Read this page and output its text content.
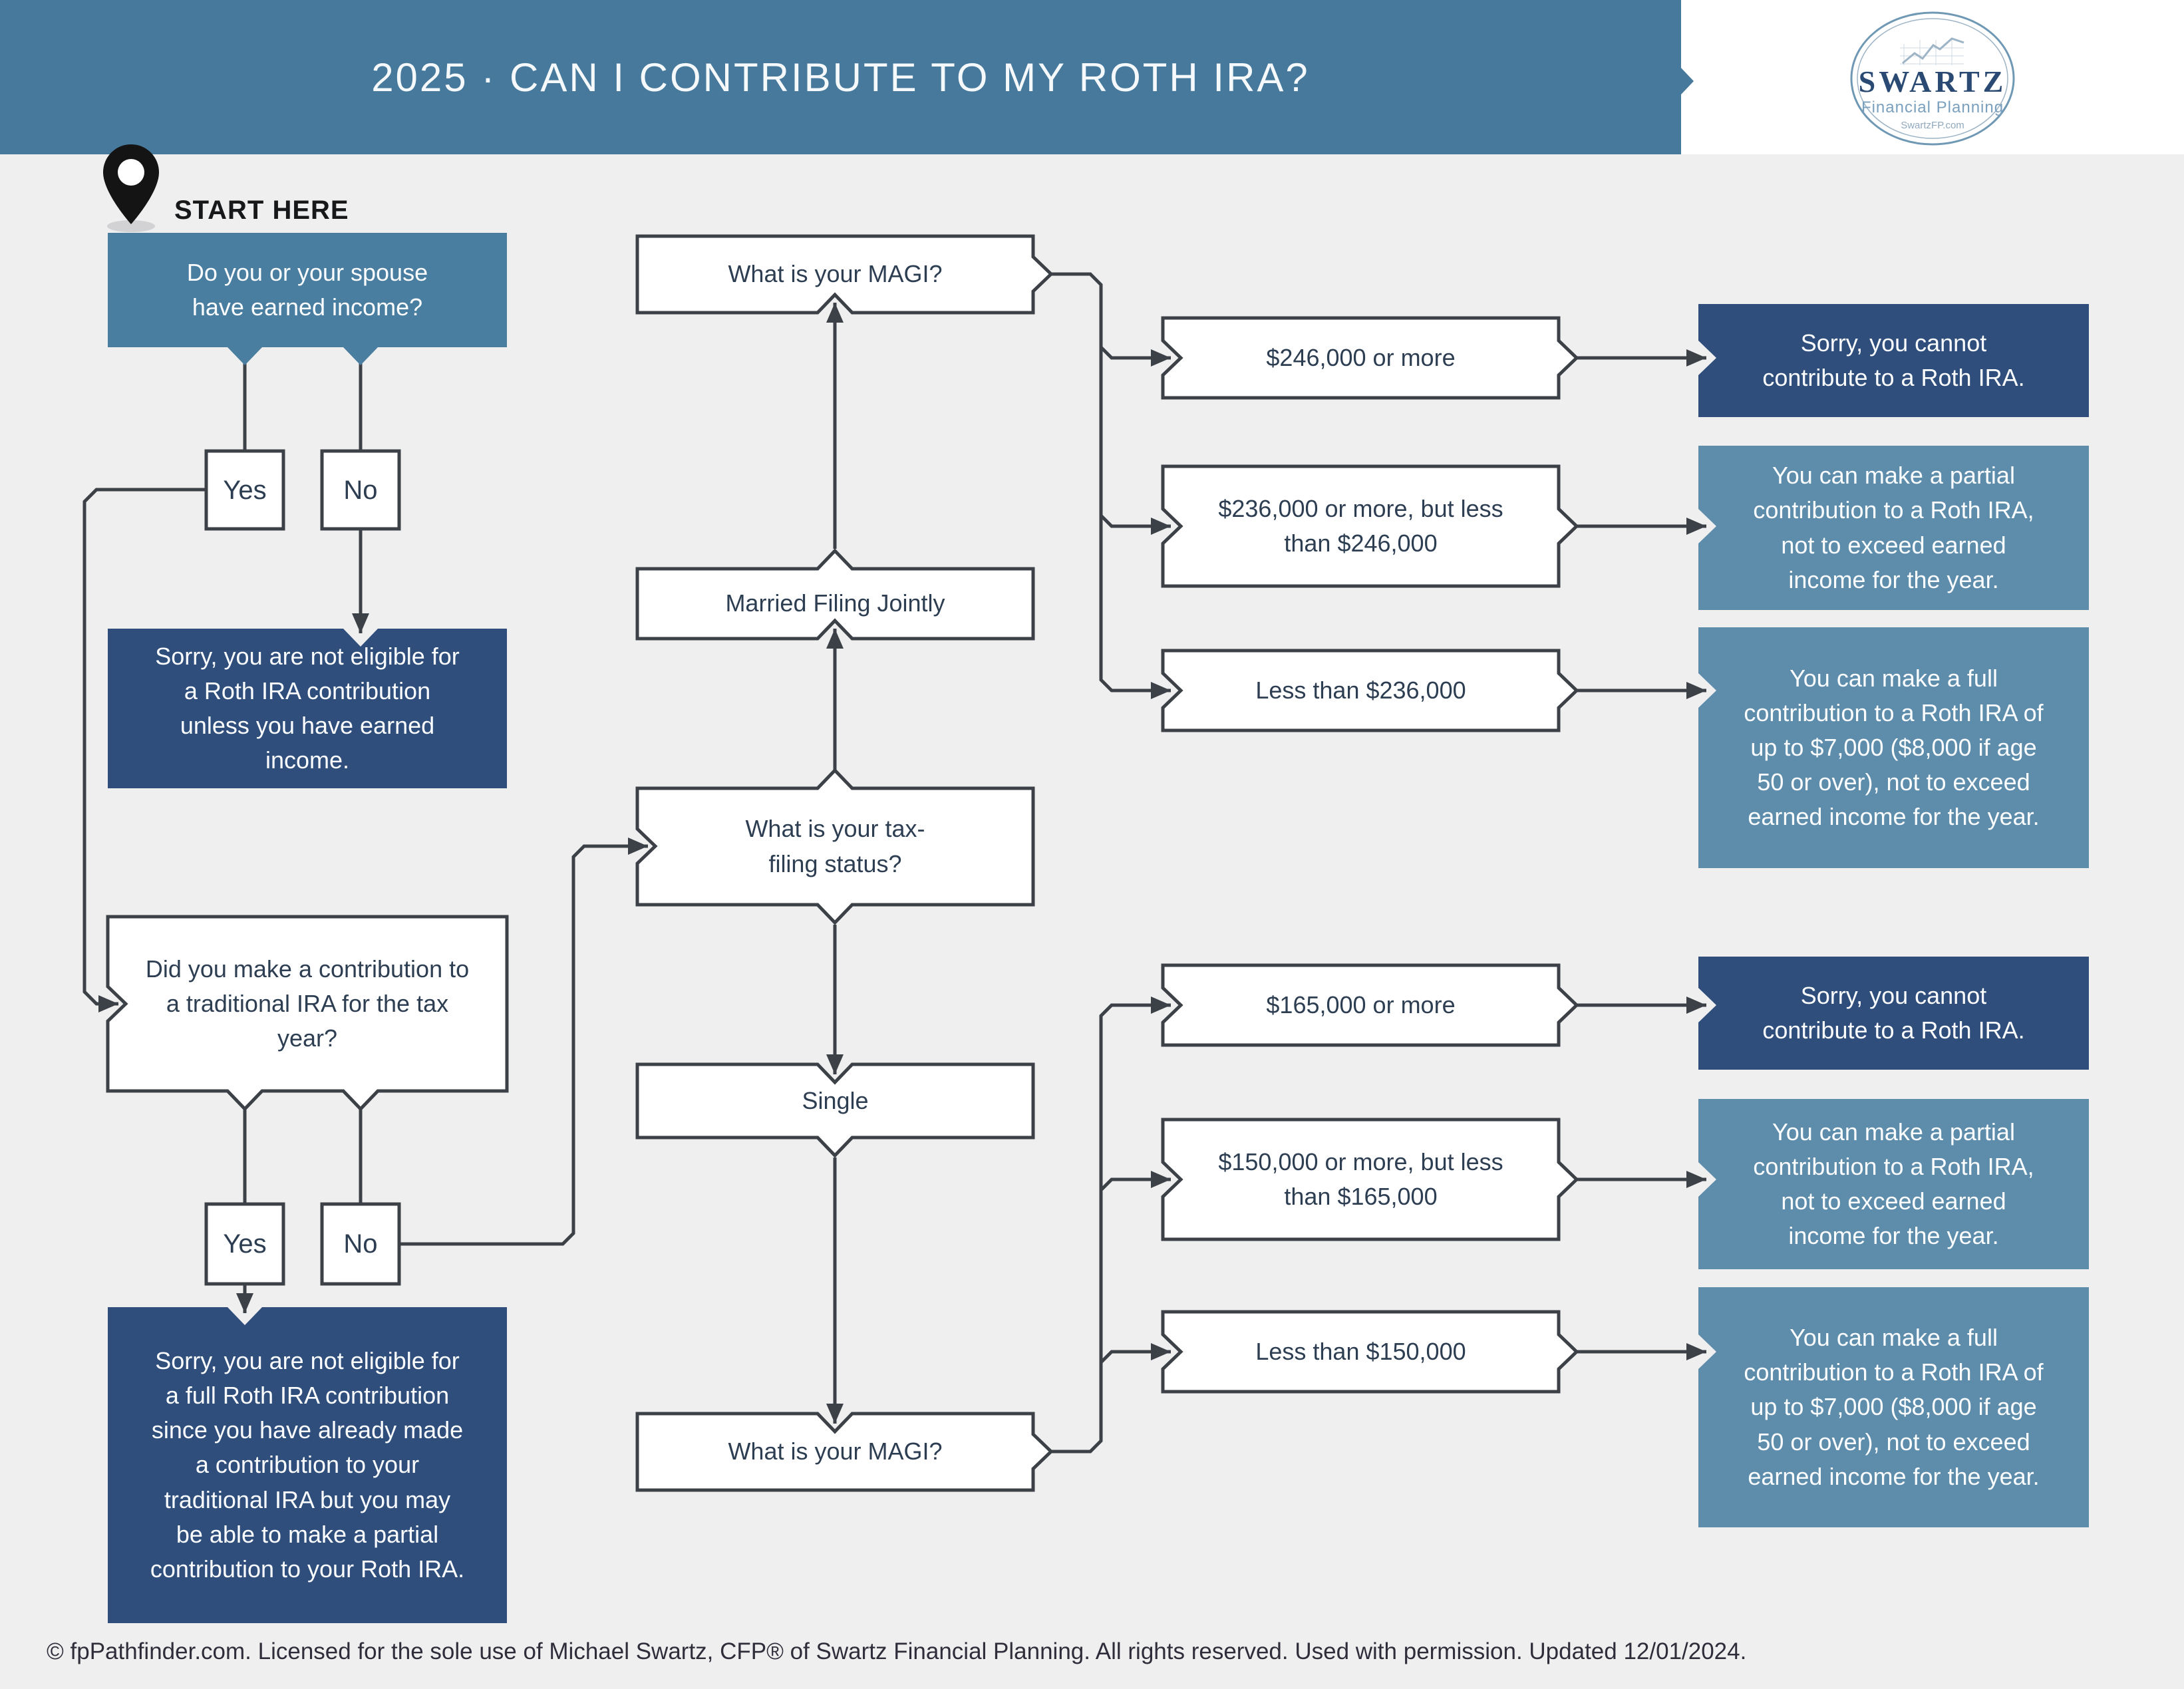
2025 · CAN I CONTRIBUTE TO MY ROTH IRA?	SWARTZ
Financial Planning
SwartzFP.com
START HERE
Do you or your spouse have earned income?
Yes	No
Sorry, you are not eligible for a Roth IRA contribution unless you have earned income.
Did you make a contribution to a traditional IRA for the tax year?
Yes	No
Sorry, you are not eligible for a full Roth IRA contribution since you have already made a contribution to your traditional IRA but you may be able to make a partial contribution to your Roth IRA.
What is your MAGI?
Married Filing Jointly
What is your tax-filing status?
Single
What is your MAGI?
$246,000 or more
$236,000 or more, but less than $246,000
Less than $236,000
$165,000 or more
$150,000 or more, but less than $165,000
Less than $150,000
Sorry, you cannot contribute to a Roth IRA.
You can make a partial contribution to a Roth IRA, not to exceed earned income for the year.
You can make a full contribution to a Roth IRA of up to $7,000 ($8,000 if age 50 or over), not to exceed earned income for the year.
Sorry, you cannot contribute to a Roth IRA.
You can make a partial contribution to a Roth IRA, not to exceed earned income for the year.
You can make a full contribution to a Roth IRA of up to $7,000 ($8,000 if age 50 or over), not to exceed earned income for the year.
© fpPathfinder.com. Licensed for the sole use of Michael Swartz, CFP® of Swartz Financial Planning. All rights reserved. Used with permission. Updated 12/01/2024.
